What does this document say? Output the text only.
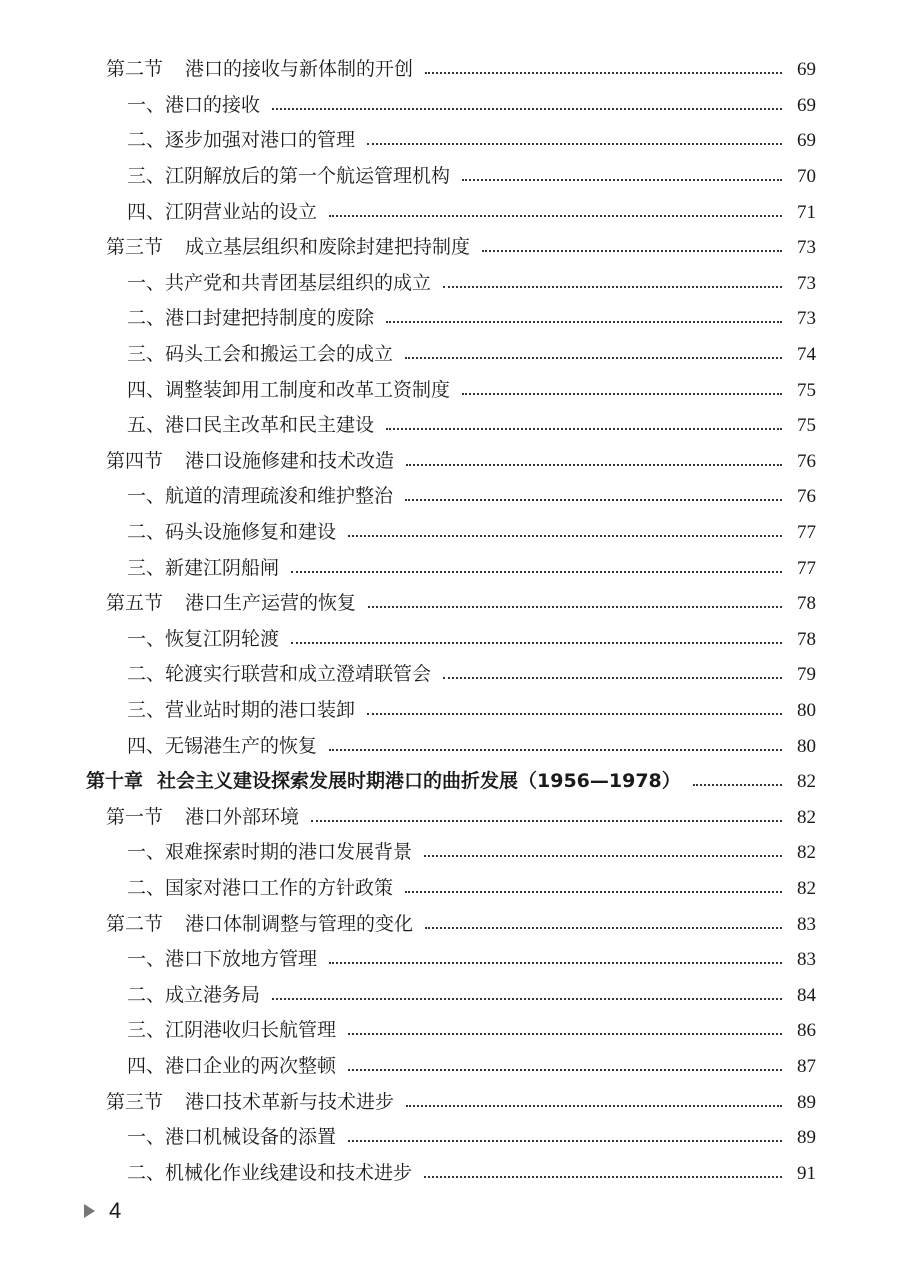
第二节 港口的接收与新体制的开创	69
一、港口的接收	69
二、逐步加强对港口的管理	69
三、江阴解放后的第一个航运管理机构	70
四、江阴营业站的设立	71
第三节 成立基层组织和废除封建把持制度	73
一、共产党和共青团基层组织的成立	73
二、港口封建把持制度的废除	73
三、码头工会和搬运工会的成立	74
四、调整装卸用工制度和改革工资制度	75
五、港口民主改革和民主建设	75
第四节 港口设施修建和技术改造	76
一、航道的清理疏浚和维护整治	76
二、码头设施修复和建设	77
三、新建江阴船闸	77
第五节 港口生产运营的恢复	78
一、恢复江阴轮渡	78
二、轮渡实行联营和成立澄靖联管会	79
三、营业站时期的港口装卸	80
四、无锡港生产的恢复	80
第十章 社会主义建设探索发展时期港口的曲折发展（1956—1978）	82
第一节 港口外部环境	82
一、艰难探索时期的港口发展背景	82
二、国家对港口工作的方针政策	82
第二节 港口体制调整与管理的变化	83
一、港口下放地方管理	83
二、成立港务局	84
三、江阴港收归长航管理	86
四、港口企业的两次整顿	87
第三节 港口技术革新与技术进步	89
一、港口机械设备的添置	89
二、机械化作业线建设和技术进步	91
4
